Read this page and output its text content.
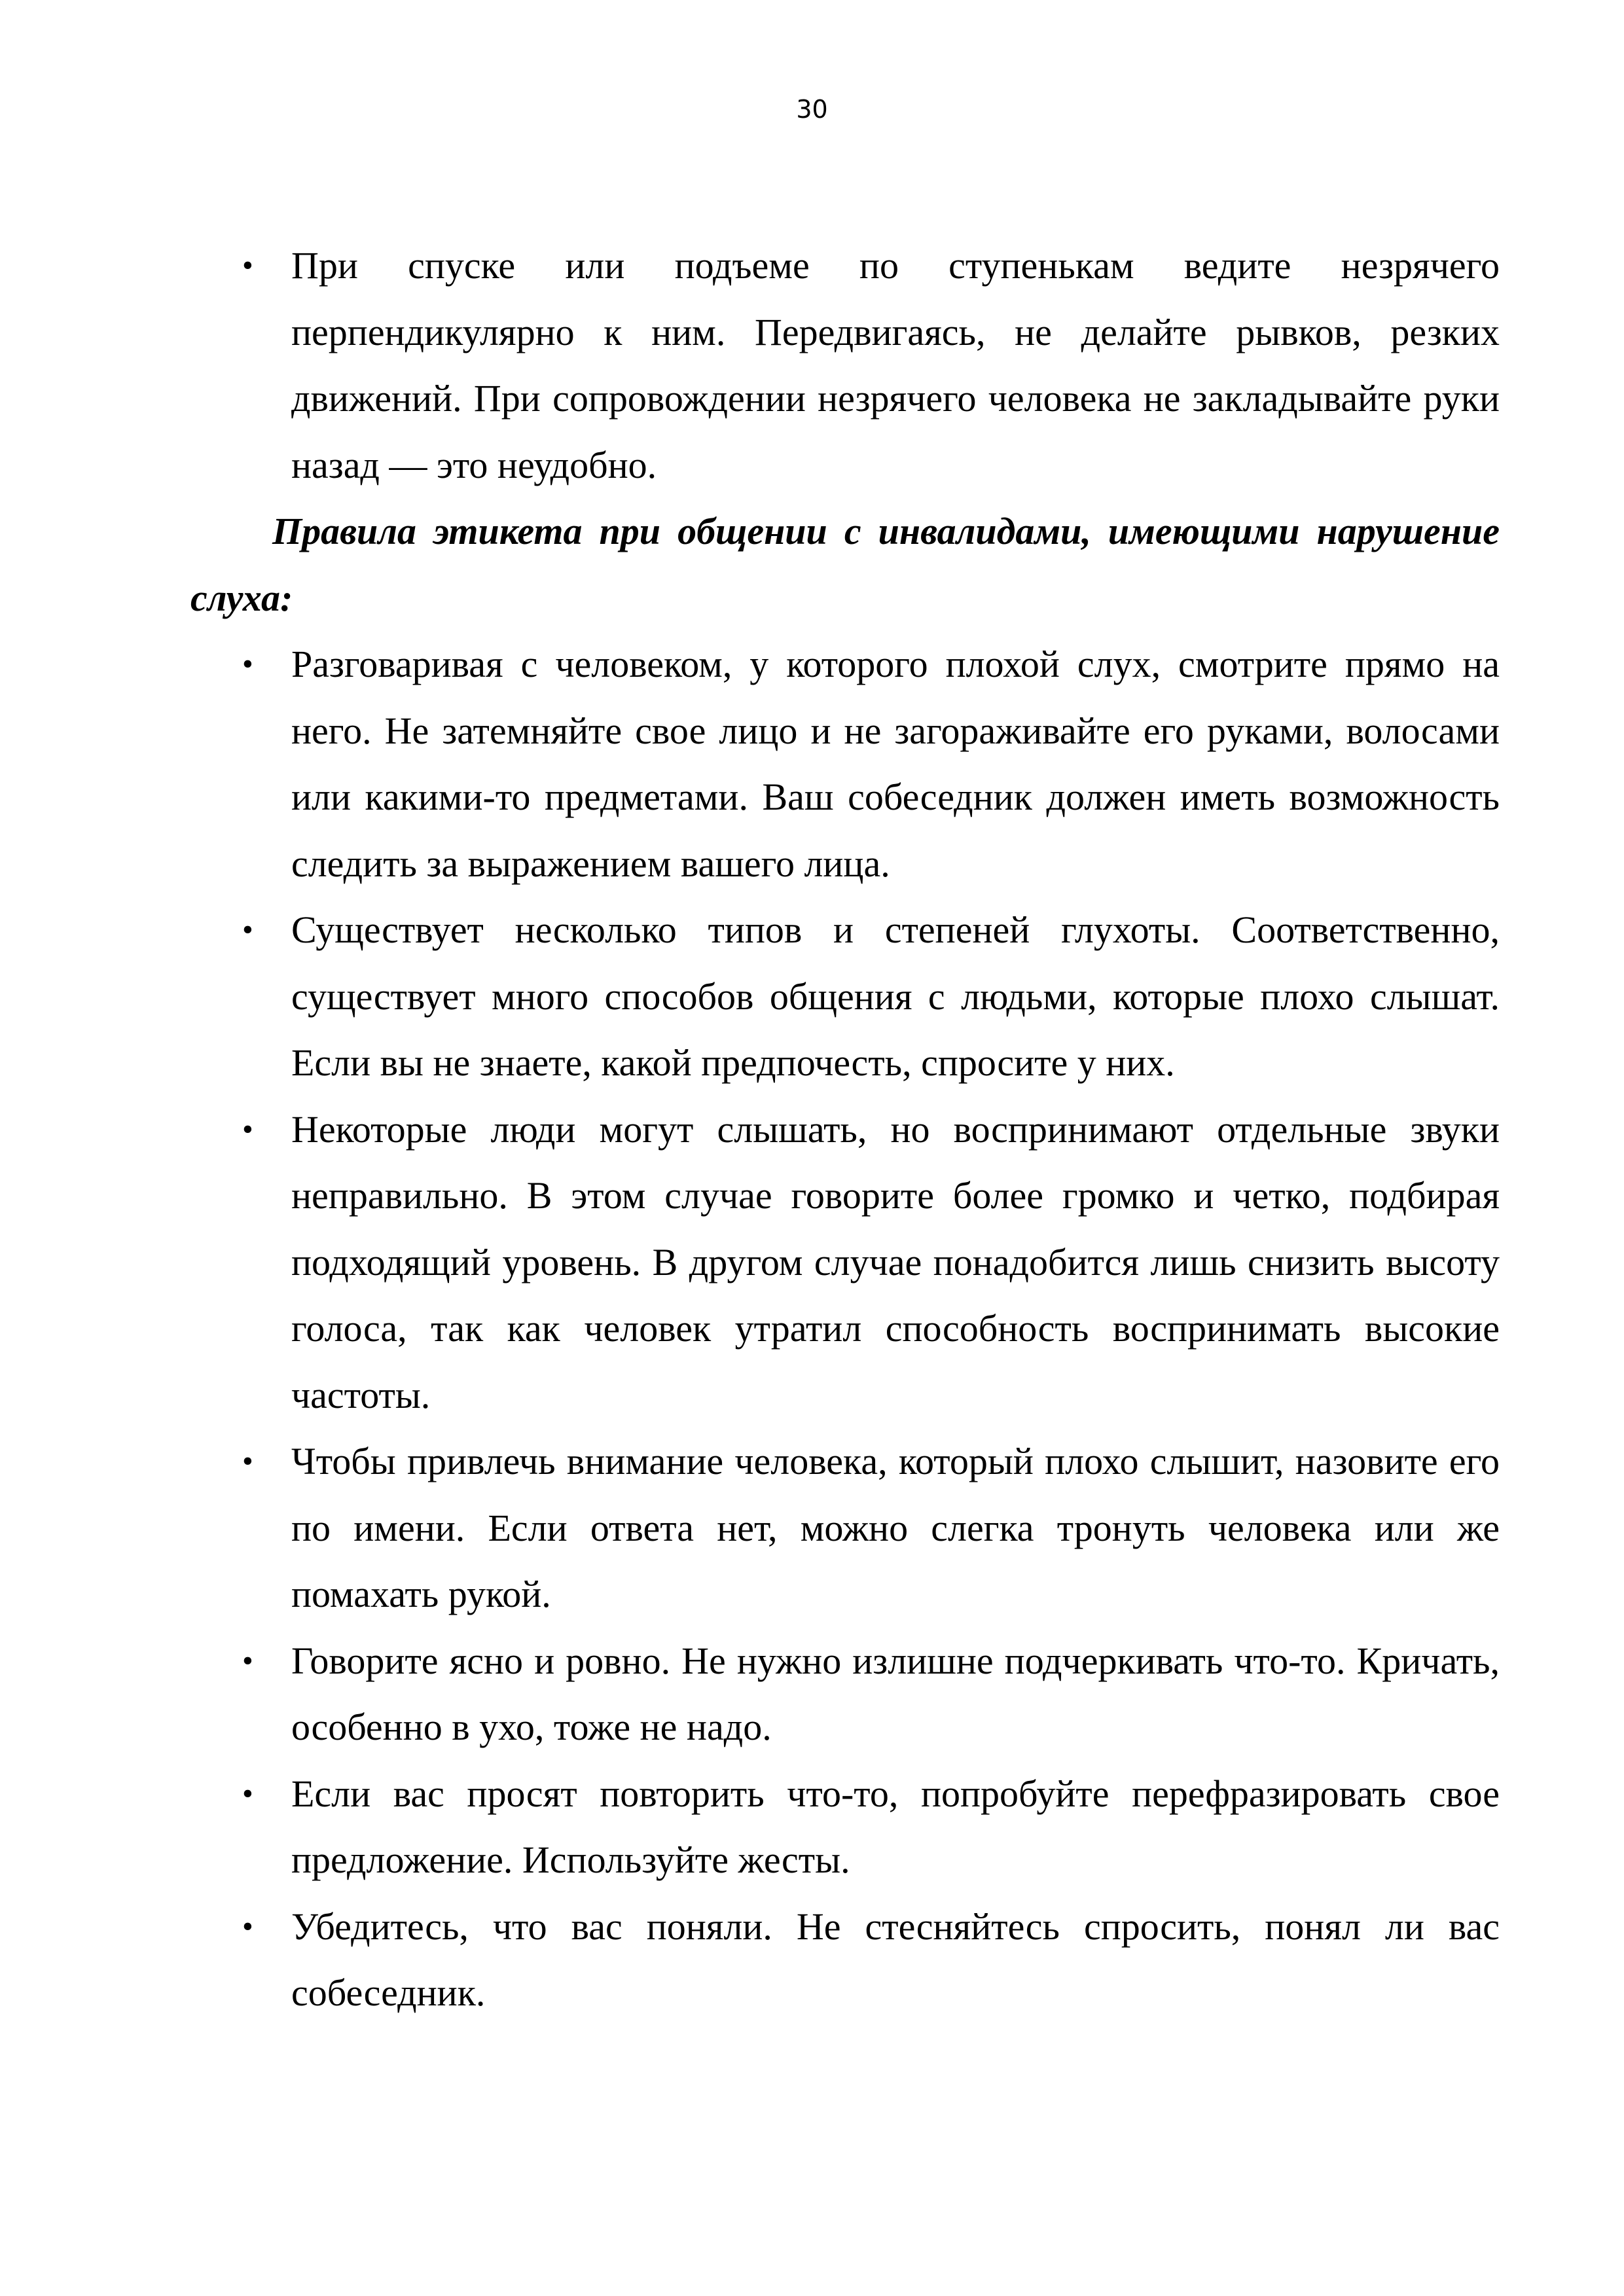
30
• При спуске или подъеме по ступенькам ведите незрячего перпендикулярно к ним. Передвигаясь, не делайте рывков, резких движений. При сопровождении незрячего человека не закладывайте руки назад — это неудобно.

Правила этикета при общении с инвалидами, имеющими нарушение слуха:

• Разговаривая с человеком, у которого плохой слух, смотрите прямо на него. Не затемняйте свое лицо и не загораживайте его руками, волосами или какими-то предметами. Ваш собеседник должен иметь возможность следить за выражением вашего лица.
• Существует несколько типов и степеней глухоты. Соответственно, существует много способов общения с людьми, которые плохо слышат. Если вы не знаете, какой предпочесть, спросите у них.
• Некоторые люди могут слышать, но воспринимают отдельные звуки неправильно. В этом случае говорите более громко и четко, подбирая подходящий уровень. В другом случае понадобится лишь снизить высоту голоса, так как человек утратил способность воспринимать высокие частоты.
• Чтобы привлечь внимание человека, который плохо слышит, назовите его по имени. Если ответа нет, можно слегка тронуть человека или же помахать рукой.
• Говорите ясно и ровно. Не нужно излишне подчеркивать что-то. Кричать, особенно в ухо, тоже не надо.
• Если вас просят повторить что-то, попробуйте перефразировать свое предложение. Используйте жесты.
• Убедитесь, что вас поняли. Не стесняйтесь спросить, понял ли вас собеседник.
